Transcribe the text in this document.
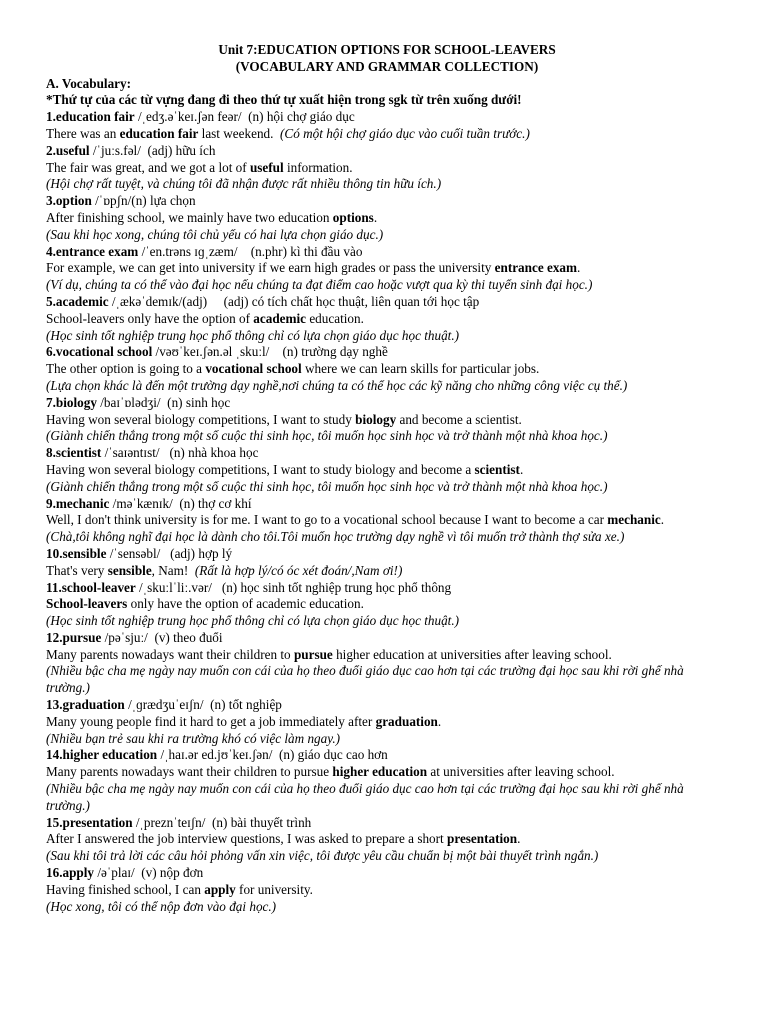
Unit 7:EDUCATION OPTIONS FOR SCHOOL-LEAVERS

(VOCABULARY AND GRAMMAR COLLECTION)

A. Vocabulary:

*Thứ tự của các từ vựng đang đi theo thứ tự xuất hiện trong sgk từ trên xuống dưới!

1.education fair /ˌedʒ.əˈkeɪ.ʃən feər/  (n) hội chợ giáo dục

There was an education fair last weekend.  (Có một hội chợ giáo dục vào cuối tuần trước.)

2.useful /ˈjuːs.fəl/  (adj) hữu ích

The fair was great, and we got a lot of useful information.

(Hội chợ rất tuyệt, và chúng tôi đã nhận được rất nhiều thông tin hữu ích.)

3.option /ˈɒpʃn/(n) lựa chọn

After finishing school, we mainly have two education options.

(Sau khi học xong, chúng tôi chủ yếu có hai lựa chọn giáo dục.)

4.entrance exam /ˈen.trəns ɪɡˌzæm/    (n.phr) kì thi đầu vào

For example, we can get into university if we earn high grades or pass the university entrance exam.

(Ví dụ, chúng ta có thể vào đại học nếu chúng ta đạt điểm cao hoặc vượt qua kỳ thi tuyển sinh đại học.)

5.academic /ˌækəˈdemɪk/(adj)     (adj) có tích chất học thuật, liên quan tới học tập

School-leavers only have the option of academic education.

(Học sinh tốt nghiệp trung học phổ thông chỉ có lựa chọn giáo dục học thuật.)

6.vocational school /vəʊˈkeɪ.ʃən.əl ˌskuːl/    (n) trường dạy nghề

The other option is going to a vocational school where we can learn skills for particular jobs.

(Lựa chọn khác là đến một trường dạy nghề,nơi chúng ta có thể học các kỹ năng cho những công việc cụ thể.)

7.biology /baɪˈɒlədʒi/  (n) sinh học

Having won several biology competitions, I want to study biology and become a scientist.

(Giành chiến thắng trong một số cuộc thi sinh học, tôi muốn học sinh học và trở thành một nhà khoa học.)

8.scientist /ˈsaɪəntɪst/   (n) nhà khoa học

Having won several biology competitions, I want to study biology and become a scientist.

(Giành chiến thắng trong một số cuộc thi sinh học, tôi muốn học sinh học và trở thành một nhà khoa học.)

9.mechanic /məˈkænɪk/  (n) thợ cơ khí

Well, I don't think university is for me. I want to go to a vocational school because I want to become a car mechanic.

(Chà,tôi không nghĩ đại học là dành cho tôi.Tôi muốn học trường dạy nghề vì tôi muốn trở thành thợ sửa xe.)

10.sensible /ˈsensəbl/   (adj) hợp lý

That's very sensible, Nam!  (Rất là hợp lý/có óc xét đoán/,Nam ơi!)

11.school-leaver /ˌskuːlˈliː.vər/   (n) học sinh tốt nghiệp trung học phổ thông

School-leavers only have the option of academic education.

(Học sinh tốt nghiệp trung học phổ thông chỉ có lựa chọn giáo dục học thuật.)

12.pursue /pəˈsjuː/  (v) theo đuổi

Many parents nowadays want their children to pursue higher education at universities after leaving school.

(Nhiều bậc cha mẹ ngày nay muốn con cái của họ theo đuổi giáo dục cao hơn tại các trường đại học sau khi rời ghế nhà trường.)

13.graduation /ˌɡrædʒuˈeɪʃn/  (n) tốt nghiệp

Many young people find it hard to get a job immediately after graduation.

(Nhiều bạn trẻ sau khi ra trường khó có việc làm ngay.)

14.higher education /ˌhaɪ.ər ed.jʊˈkeɪ.ʃən/  (n) giáo dục cao hơn

Many parents nowadays want their children to pursue higher education at universities after leaving school.

(Nhiều bậc cha mẹ ngày nay muốn con cái của họ theo đuổi giáo dục cao hơn tại các trường đại học sau khi rời ghế nhà trường.)

15.presentation /ˌpreznˈteɪʃn/  (n) bài thuyết trình

After I answered the job interview questions, I was asked to prepare a short presentation.

(Sau khi tôi trả lời các câu hỏi phỏng vấn xin việc, tôi được yêu cầu chuẩn bị một bài thuyết trình ngắn.)

16.apply /əˈplaɪ/  (v) nộp đơn

Having finished school, I can apply for university.

(Học xong, tôi có thể nộp đơn vào đại học.)
